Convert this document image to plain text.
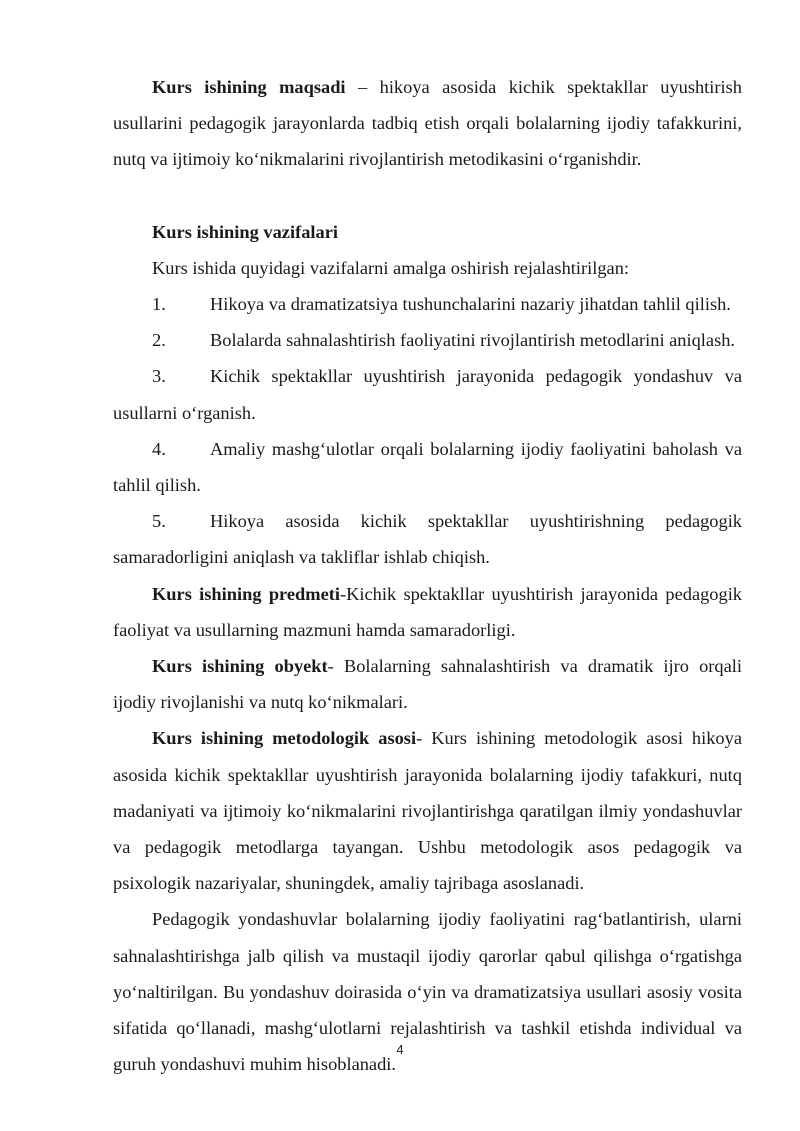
Kurs ishining maqsadi – hikoya asosida kichik spektakllar uyushtirish usullarini pedagogik jarayonlarda tadbiq etish orqali bolalarning ijodiy tafakkurini, nutq va ijtimoiy ko‘nikmalarini rivojlantirish metodikasini o‘rganishdir.

Kurs ishining vazifalari

Kurs ishida quyidagi vazifalarni amalga oshirish rejalashtirilgan:

1. Hikoya va dramatizatsiya tushunchalarini nazariy jihatdan tahlil qilish.

2. Bolalarda sahnalashtirish faoliyatini rivojlantirish metodlarini aniqlash.

3. Kichik spektakllar uyushtirish jarayonida pedagogik yondashuv va usullarni o‘rganish.

4. Amaliy mashg‘ulotlar orqali bolalarning ijodiy faoliyatini baholash va tahlil qilish.

5. Hikoya asosida kichik spektakllar uyushtirishning pedagogik samaradorligini aniqlash va takliflar ishlab chiqish.

Kurs ishining predmeti-Kichik spektakllar uyushtirish jarayonida pedagogik faoliyat va usullarning mazmuni hamda samaradorligi.

Kurs ishining obyekt- Bolalarning sahnalashtirish va dramatik ijro orqali ijodiy rivojlanishi va nutq ko‘nikmalari.

Kurs ishining metodologik asosi- Kurs ishining metodologik asosi hikoya asosida kichik spektakllar uyushtirish jarayonida bolalarning ijodiy tafakkuri, nutq madaniyati va ijtimoiy ko‘nikmalarini rivojlantirishga qaratilgan ilmiy yondashuvlar va pedagogik metodlarga tayangan. Ushbu metodologik asos pedagogik va psixologik nazariyalar, shuningdek, amaliy tajribaga asoslanadi.

Pedagogik yondashuvlar bolalarning ijodiy faoliyatini rag‘batlantirish, ularni sahnalashtirishga jalb qilish va mustaqil ijodiy qarorlar qabul qilishga o‘rgatishga yo‘naltirilgan. Bu yondashuv doirasida o‘yin va dramatizatsiya usullari asosiy vosita sifatida qo‘llanadi, mashg‘ulotlarni rejalashtirish va tashkil etishda individual va guruh yondashuvi muhim hisoblanadi.

4
